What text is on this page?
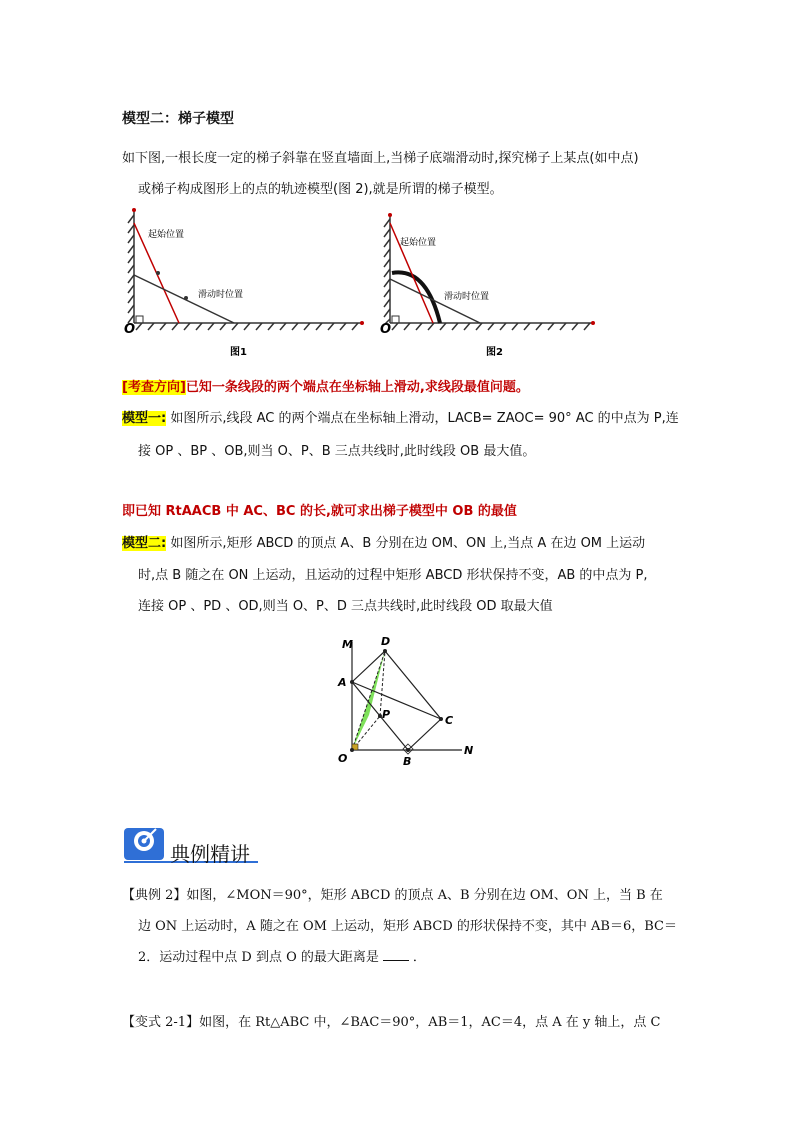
模型二：梯子模型
如下图,一根长度一定的梯子斜靠在竖直墙面上,当梯子底端滑动时,探究梯子上某点(如中点)
或梯子构成图形上的点的轨迹模型(图 2),就是所谓的梯子模型。
起始位置
滑动时位置
O
图1
起始位置
滑动时位置
O
图2
[考查方向]已知一条线段的两个端点在坐标轴上滑动,求线段最值问题。
模型一: 如图所示,线段 AC 的两个端点在坐标轴上滑动，LACB= ZAOC= 90° AC 的中点为 P,连
接 OP 、BP 、OB,则当 O、P、B 三点共线时,此时线段 OB 最大值。
即已知 RtAACB 中 AC、BC 的长,就可求出梯子模型中 OB 的最值
模型二: 如图所示,矩形 ABCD 的顶点 A、B 分别在边 OM、ON 上,当点 A 在边 OM 上运动
时,点 B 随之在 ON 上运动，且运动的过程中矩形 ABCD 形状保持不变，AB 的中点为 P,
连接 OP 、PD 、OD,则当 O、P、D 三点共线时,此时线段 OD 取最大值
M	D
A
P	C
O	B
N
典例精讲
【典例 2】如图，∠MON＝90°，矩形 ABCD 的顶点 A、B 分别在边 OM、ON 上，当 B 在
边 ON 上运动时，A 随之在 OM 上运动，矩形 ABCD 的形状保持不变，其中 AB＝6，BC＝
2．运动过程中点 D 到点 O 的最大距离是	．
【变式 2-1】如图，在 Rt△ABC 中，∠BAC＝90°，AB＝1，AC＝4，点 A 在 y 轴上，点 C
